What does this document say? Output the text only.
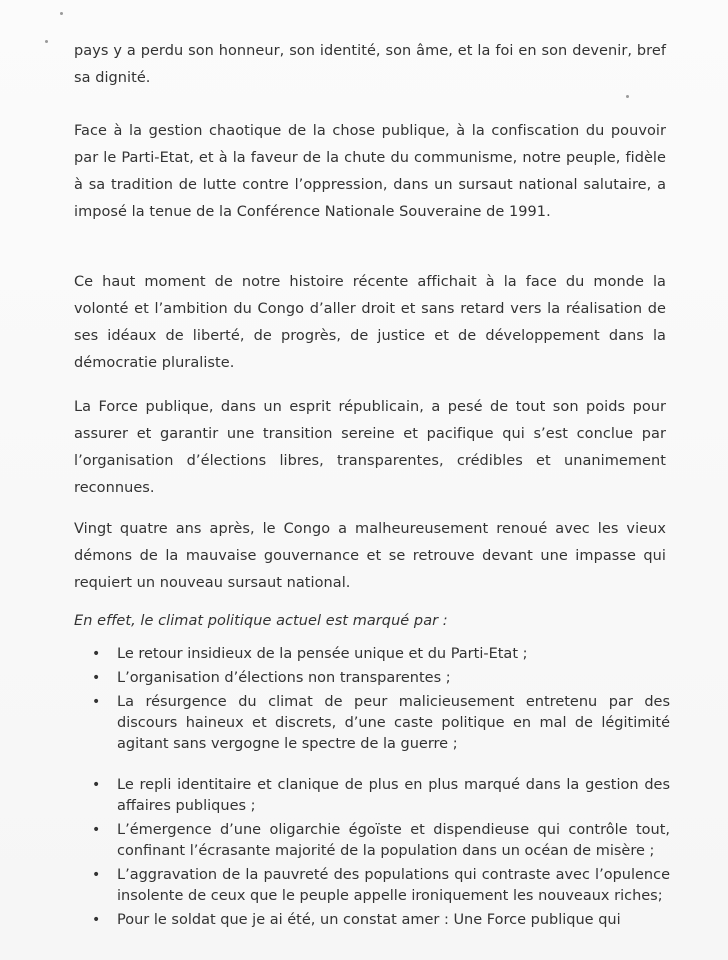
pays y a perdu son honneur, son identité, son âme, et la foi en son devenir, bref sa dignité.

Face à la gestion chaotique de la chose publique, à la confiscation du pouvoir par le Parti-Etat, et à la faveur de la chute du communisme, notre peuple, fidèle à sa tradition de lutte contre l’oppression, dans un sursaut national salutaire, a imposé la tenue de la Conférence Nationale Souveraine de 1991.

Ce haut moment de notre histoire récente affichait à la face du monde la volonté et l’ambition du Congo d’aller droit et sans retard vers la réalisation de ses idéaux de liberté, de progrès, de justice et de développement dans la démocratie pluraliste.

La Force publique, dans un esprit républicain, a pesé de tout son poids pour assurer et garantir une transition sereine et pacifique qui s’est conclue par l’organisation d’élections libres, transparentes, crédibles et unanimement reconnues.

Vingt quatre ans après, le Congo a malheureusement renoué avec les vieux démons de la mauvaise gouvernance et se retrouve devant une impasse qui requiert un nouveau sursaut national.

En effet, le climat politique actuel est marqué par :

• Le retour insidieux de la pensée unique et du Parti-Etat ;
• L’organisation d’élections non transparentes ;
• La résurgence du climat de peur malicieusement entretenu par des discours haineux et discrets, d’une caste politique en mal de légitimité agitant sans vergogne le spectre de la guerre ;
• Le repli identitaire et clanique de plus en plus marqué dans la gestion des affaires publiques ;
• L’émergence d’une oligarchie égoïste et dispendieuse qui contrôle tout, confinant l’écrasante majorité de la population dans un océan de misère ;
• L’aggravation de la pauvreté des populations qui contraste avec l’opulence insolente de ceux que le peuple appelle ironiquement les nouveaux riches;
• Pour le soldat que je ai été, un constat amer : Une Force publique qui
